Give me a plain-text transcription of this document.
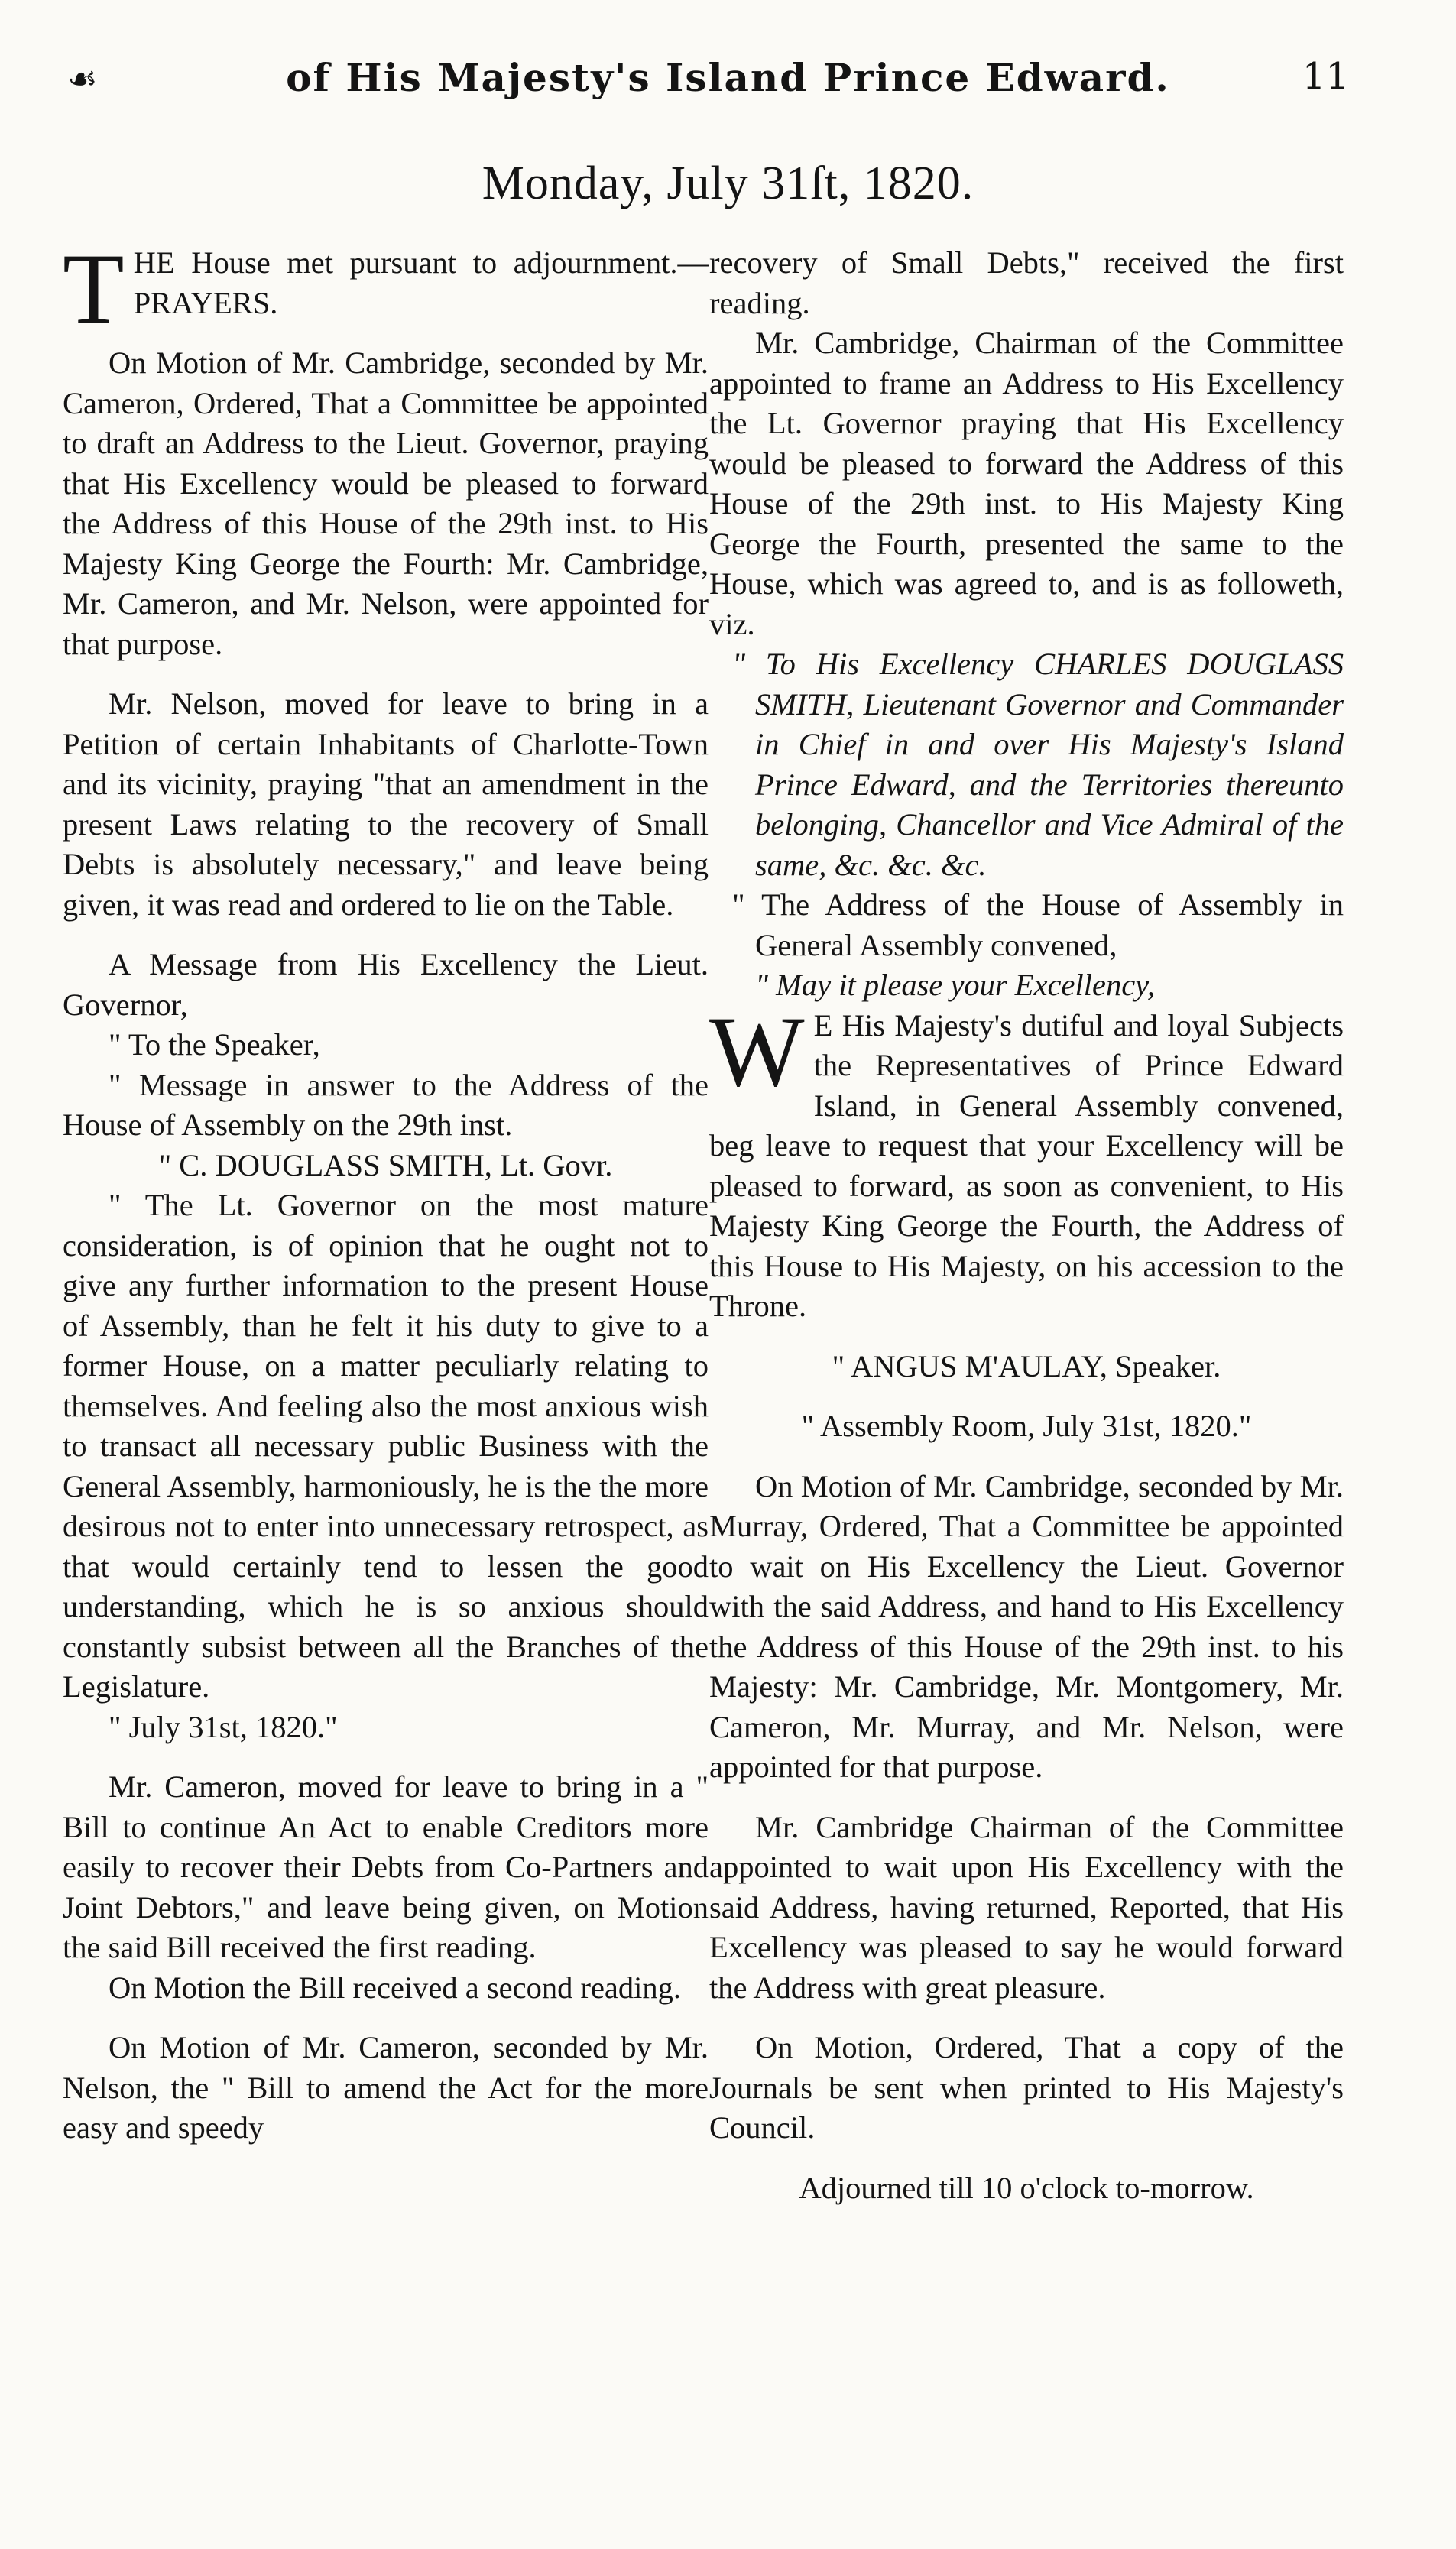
☙	of His Majesty's Island Prince Edward.	11
Monday, July 31ſt, 1820.

THE House met pursuant to adjournment.—PRAYERS.

On Motion of Mr. Cambridge, seconded by Mr. Cameron, Ordered, That a Committee be appointed to draft an Address to the Lieut. Governor, praying that His Excellency would be pleased to forward the Address of this House of the 29th inst. to His Majesty King George the Fourth: Mr. Cambridge, Mr. Cameron, and Mr. Nelson, were appointed for that purpose.

Mr. Nelson, moved for leave to bring in a Petition of certain Inhabitants of Charlotte-Town and its vicinity, praying "that an amendment in the present Laws relating to the recovery of Small Debts is absolutely necessary," and leave being given, it was read and ordered to lie on the Table.

A Message from His Excellency the Lieut. Governor,

" To the Speaker,

" Message in answer to the Address of the House of Assembly on the 29th inst.

" C. DOUGLASS SMITH, Lt. Govr.

" The Lt. Governor on the most mature consideration, is of opinion that he ought not to give any further information to the present House of Assembly, than he felt it his duty to give to a former House, on a matter peculiarly relating to themselves. And feeling also the most anxious wish to transact all necessary public Business with the General Assembly, harmoniously, he is the the more desirous not to enter into unnecessary retrospect, as that would certainly tend to lessen the good understanding, which he is so anxious should constantly subsist between all the Branches of the Legislature.

" July 31st, 1820."

Mr. Cameron, moved for leave to bring in a " Bill to continue An Act to enable Creditors more easily to recover their Debts from Co-Partners and Joint Debtors," and leave being given, on Motion the said Bill received the first reading.

On Motion the Bill received a second reading.

On Motion of Mr. Cameron, seconded by Mr. Nelson, the " Bill to amend the Act for the more easy and speedy

recovery of Small Debts," received the first reading.

Mr. Cambridge, Chairman of the Committee appointed to frame an Address to His Excellency the Lt. Governor praying that His Excellency would be pleased to forward the Address of this House of the 29th inst. to His Majesty King George the Fourth, presented the same to the House, which was agreed to, and is as followeth, viz.

" To His Excellency CHARLES DOUGLASS SMITH, Lieutenant Governor and Commander in Chief in and over His Majesty's Island Prince Edward, and the Territories thereunto belonging, Chancellor and Vice Admiral of the same, &c. &c. &c.

" The Address of the House of Assembly in General Assembly convened,

" May it please your Excellency,

W E His Majesty's dutiful and loyal Subjects the Representatives of Prince Edward Island, in General Assembly convened, beg leave to request that your Excellency will be pleased to forward, as soon as convenient, to His Majesty King George the Fourth, the Address of this House to His Majesty, on his accession to the Throne.

" ANGUS M'AULAY, Speaker.

" Assembly Room, July 31st, 1820."

On Motion of Mr. Cambridge, seconded by Mr. Murray, Ordered, That a Committee be appointed to wait on His Excellency the Lieut. Governor with the said Address, and hand to His Excellency the Address of this House of the 29th inst. to his Majesty: Mr. Cambridge, Mr. Montgomery, Mr. Cameron, Mr. Murray, and Mr. Nelson, were appointed for that purpose.

Mr. Cambridge Chairman of the Committee appointed to wait upon His Excellency with the said Address, having returned, Reported, that His Excellency was pleased to say he would forward the Address with great pleasure.

On Motion, Ordered, That a copy of the Journals be sent when printed to His Majesty's Council.

Adjourned till 10 o'clock to-morrow.
